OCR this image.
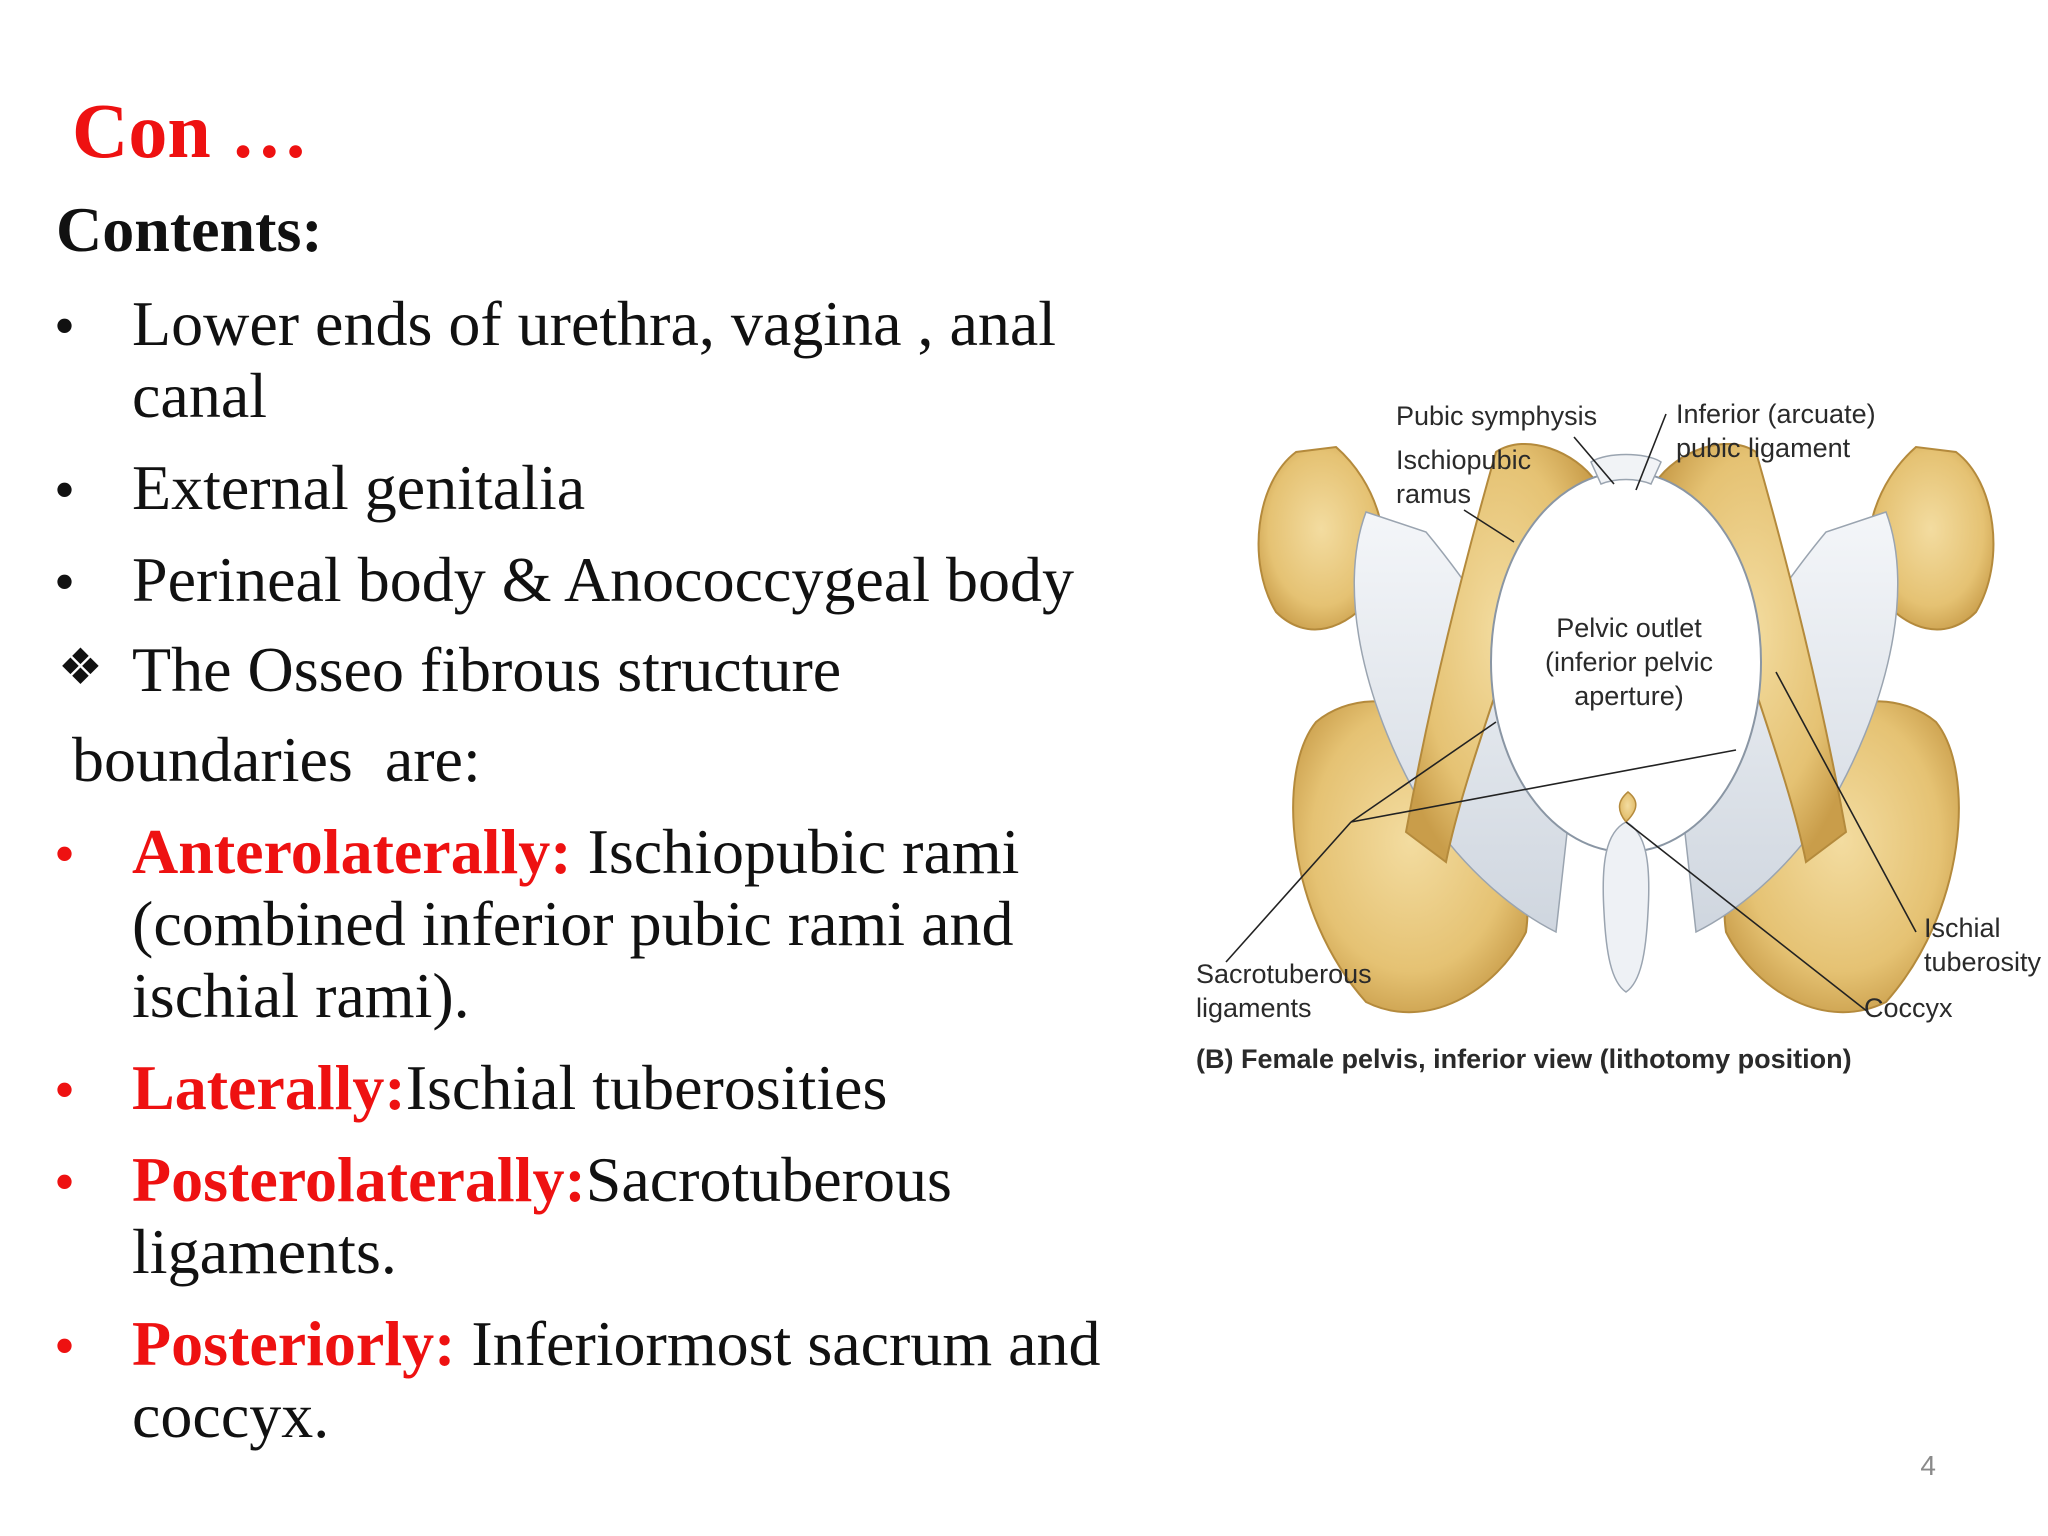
Con …
Contents:
• Lower ends of urethra, vagina , anal
canal
• External genitalia
• Perineal body & Anococcygeal body
❖ The Osseo fibrous structure
boundaries  are:
• Anterolaterally: Ischiopubic rami
(combined inferior pubic rami and
ischial rami).
• Laterally:Ischial tuberosities
• Posterolaterally:Sacrotuberous
ligaments.
• Posteriorly: Inferiormost sacrum and
coccyx.
Pubic symphysis
Ischiopubic
ramus
Inferior (arcuate)
pubic ligament
Pelvic outlet
(inferior pelvic
aperture)
Ischial
tuberosity
Sacrotuberous
ligaments	Coccyx
(B) Female pelvis, inferior view (lithotomy position)
4
